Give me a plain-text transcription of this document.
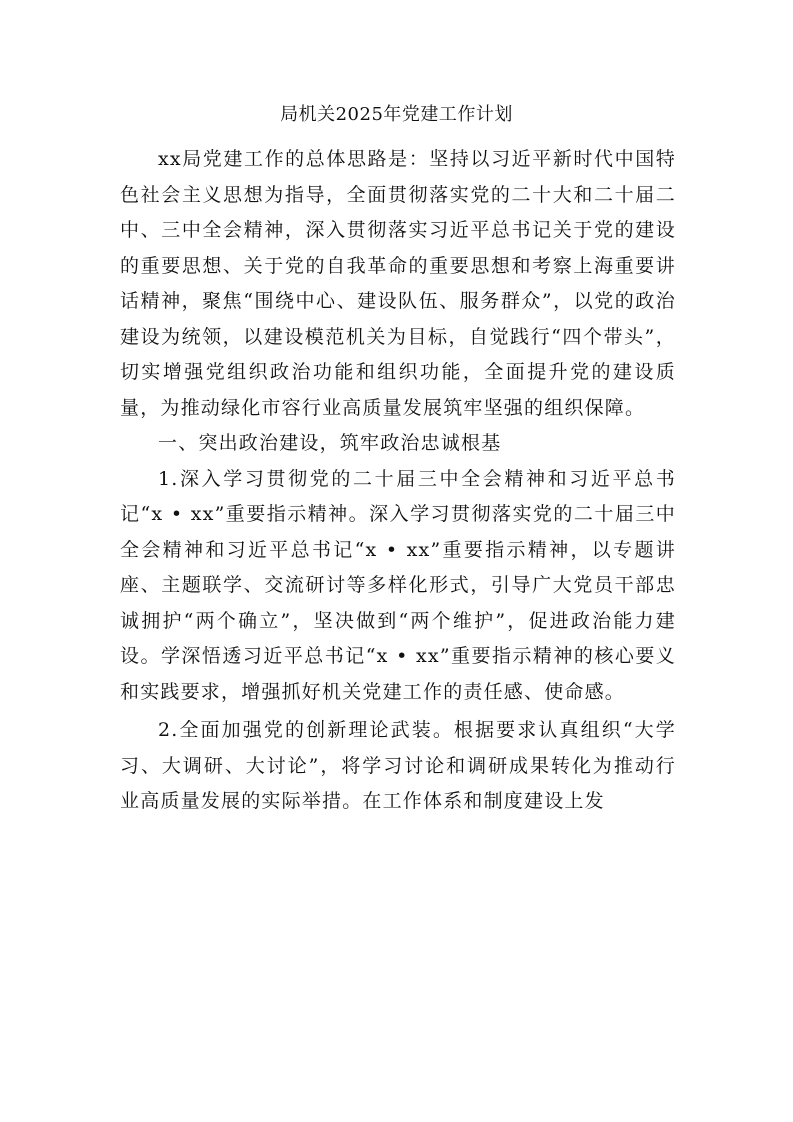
局机关2025年党建工作计划

xx局党建工作的总体思路是：坚持以习近平新时代中国特色社会主义思想为指导，全面贯彻落实党的二十大和二十届二中、三中全会精神，深入贯彻落实习近平总书记关于党的建设的重要思想、关于党的自我革命的重要思想和考察上海重要讲话精神，聚焦“围绕中心、建设队伍、服务群众”，以党的政治建设为统领，以建设模范机关为目标，自觉践行“四个带头”，切实增强党组织政治功能和组织功能，全面提升党的建设质量，为推动绿化市容行业高质量发展筑牢坚强的组织保障。

一、突出政治建设，筑牢政治忠诚根基

1.深入学习贯彻党的二十届三中全会精神和习近平总书记“x • xx”重要指示精神。深入学习贯彻落实党的二十届三中全会精神和习近平总书记“x • xx”重要指示精神，以专题讲座、主题联学、交流研讨等多样化形式，引导广大党员干部忠诚拥护“两个确立”，坚决做到“两个维护”，促进政治能力建设。学深悟透习近平总书记“x • xx”重要指示精神的核心要义和实践要求，增强抓好机关党建工作的责任感、使命感。

2.全面加强党的创新理论武装。根据要求认真组织“大学习、大调研、大讨论”，将学习讨论和调研成果转化为推动行业高质量发展的实际举措。在工作体系和制度建设上发
